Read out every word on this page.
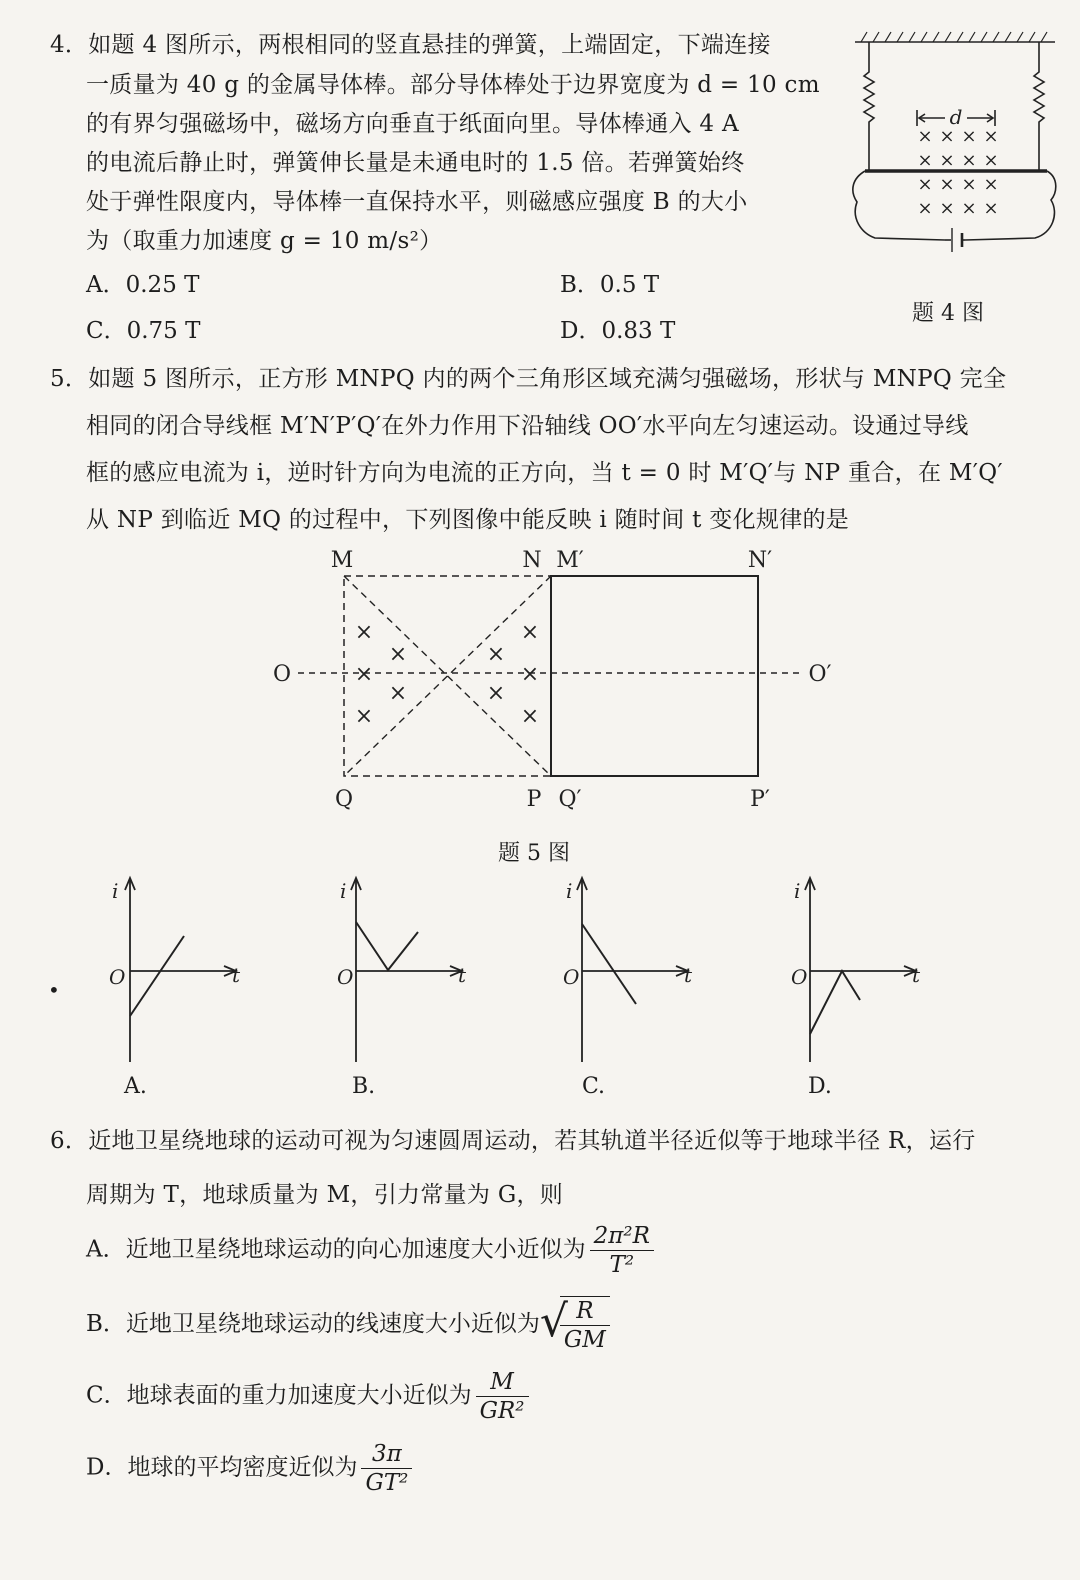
4．如题 4 图所示，两根相同的竖直悬挂的弹簧，上端固定，下端连接
一质量为 40 g 的金属导体棒。部分导体棒处于边界宽度为 d = 10 cm
的有界匀强磁场中，磁场方向垂直于纸面向里。导体棒通入 4 A
的电流后静止时，弹簧伸长量是未通电时的 1.5 倍。若弹簧始终
处于弹性限度内，导体棒一直保持水平，则磁感应强度 B 的大小
为（取重力加速度 g = 10 m/s²）
A．0.25 T	B．0.5 T
C．0.75 T	D．0.83 T
d
× × × ×
× × × ×
× × × ×
× × × ×
题 4 图
5．如题 5 图所示，正方形 MNPQ 内的两个三角形区域充满匀强磁场，形状与 MNPQ 完全
相同的闭合导线框 M′N′P′Q′在外力作用下沿轴线 OO′水平向左匀速运动。设通过导线
框的感应电流为 i，逆时针方向为电流的正方向，当 t = 0 时 M′Q′与 NP 重合，在 M′Q′
从 NP 到临近 MQ 的过程中，下列图像中能反映 i 随时间 t 变化规律的是
×
×
×
×
×
×
×
×
×
×
M	N M′	N′
O	O′
Q	P Q′	P′
题 5 图
•
i
t
O
A.
i
t
O
B.
i
t
O
C.
i
t
O
D.
6．近地卫星绕地球的运动可视为匀速圆周运动，若其轨道半径近似等于地球半径 R，运行
周期为 T，地球质量为 M，引力常量为 G，则
A．近地卫星绕地球运动的向心加速度大小近似为 $\frac{\text{2π²R}}{\text{T²}}$
B．近地卫星绕地球运动的线速度大小近似为 √
$\frac{R}{GM}$
C．地球表面的重力加速度大小近似为 $\frac{M}{\text{GR²}}$
D．地球的平均密度近似为 $\frac{3\pi}{\text{GT²}}$
